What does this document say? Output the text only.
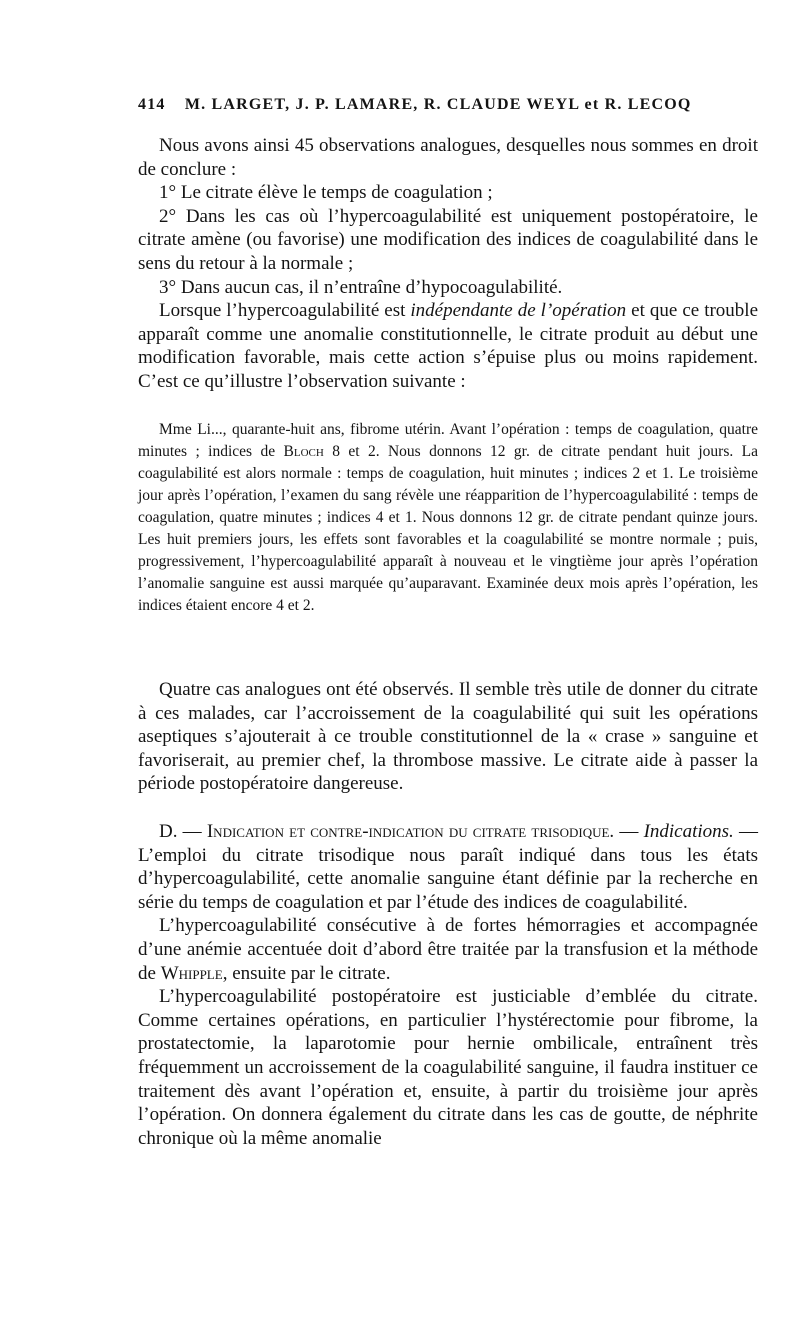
414 M. LARGET, J. P. LAMARE, R. CLAUDE WEYL et R. LECOQ

Nous avons ainsi 45 observations analogues, desquelles nous sommes en droit de conclure :

1° Le citrate élève le temps de coagulation ;

2° Dans les cas où l’hypercoagulabilité est uniquement postopératoire, le citrate amène (ou favorise) une modification des indices de coagulabilité dans le sens du retour à la normale ;

3° Dans aucun cas, il n’entraîne d’hypocoagulabilité.

Lorsque l’hypercoagulabilité est indépendante de l’opération et que ce trouble apparaît comme une anomalie constitutionnelle, le citrate produit au début une modification favorable, mais cette action s’épuise plus ou moins rapidement. C’est ce qu’illustre l’observation suivante :

Mme Li..., quarante-huit ans, fibrome utérin. Avant l’opération : temps de coagulation, quatre minutes ; indices de Bloch 8 et 2. Nous donnons 12 gr. de citrate pendant huit jours. La coagulabilité est alors normale : temps de coagulation, huit minutes ; indices 2 et 1. Le troisième jour après l’opération, l’examen du sang révèle une réapparition de l’hypercoagulabilité : temps de coagulation, quatre minutes ; indices 4 et 1. Nous donnons 12 gr. de citrate pendant quinze jours. Les huit premiers jours, les effets sont favorables et la coagulabilité se montre normale ; puis, progressivement, l’hypercoagulabilité apparaît à nouveau et le vingtième jour après l’opération l’anomalie sanguine est aussi marquée qu’auparavant. Examinée deux mois après l’opération, les indices étaient encore 4 et 2.

Quatre cas analogues ont été observés. Il semble très utile de donner du citrate à ces malades, car l’accroissement de la coagulabilité qui suit les opérations aseptiques s’ajouterait à ce trouble constitutionnel de la « crase » sanguine et favoriserait, au premier chef, la thrombose massive. Le citrate aide à passer la période postopératoire dangereuse.

D. — Indication et contre-indication du citrate trisodique. — Indications. — L’emploi du citrate trisodique nous paraît indiqué dans tous les états d’hypercoagulabilité, cette anomalie sanguine étant définie par la recherche en série du temps de coagulation et par l’étude des indices de coagulabilité.

L’hypercoagulabilité consécutive à de fortes hémorragies et accompagnée d’une anémie accentuée doit d’abord être traitée par la transfusion et la méthode de Whipple, ensuite par le citrate.

L’hypercoagulabilité postopératoire est justiciable d’emblée du citrate. Comme certaines opérations, en particulier l’hystérectomie pour fibrome, la prostatectomie, la laparotomie pour hernie ombilicale, entraînent très fréquemment un accroissement de la coagulabilité sanguine, il faudra instituer ce traitement dès avant l’opération et, ensuite, à partir du troisième jour après l’opération. On donnera également du citrate dans les cas de goutte, de néphrite chronique où la même anomalie
